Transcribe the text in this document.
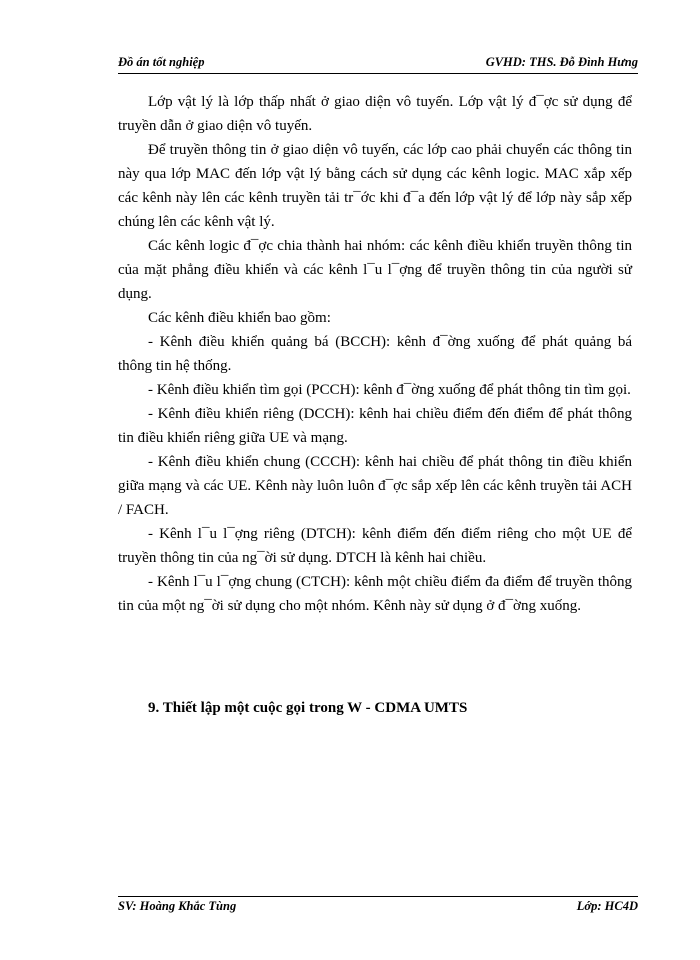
Đồ án tốt nghiệp	GVHD: THS. Đỗ Đình Hưng

Lớp vật lý là lớp thấp nhất ở giao diện vô tuyến. Lớp vật lý đ¯ợc sử dụng để truyền dẫn ở giao diện vô tuyến.

Để truyền thông tin ở giao diện vô tuyến, các lớp cao phải chuyển các thông tin này qua lớp MAC đến lớp vật lý bằng cách sử dụng các kênh logic. MAC xắp xếp các kênh này lên các kênh truyền tải tr¯ớc khi đ¯a đến lớp vật lý để lớp này sắp xếp chúng lên các kênh vật lý.

Các kênh logic đ¯ợc chia thành hai nhóm: các kênh điều khiển truyền thông tin của mặt phẳng điều khiển và các kênh l¯u l¯ợng để truyền thông tin của người sử dụng.

Các kênh điều khiển bao gồm:

- Kênh điều khiển quảng bá (BCCH): kênh đ¯ờng xuống để phát quảng bá thông tin hệ thống.

- Kênh điều khiển tìm gọi (PCCH): kênh đ¯ờng xuống để phát thông tin tìm gọi.

- Kênh điều khiển riêng (DCCH): kênh hai chiều điểm đến điểm để phát thông tin điều khiển riêng giữa UE và mạng.

- Kênh điều khiển chung (CCCH): kênh hai chiều để phát thông tin điều khiển giữa mạng và các UE. Kênh này luôn luôn đ¯ợc sắp xếp lên các kênh truyền tải ACH / FACH.

- Kênh l¯u l¯ợng riêng (DTCH): kênh điểm đến điểm riêng cho một UE để truyền thông tin của ng¯ời sử dụng. DTCH là kênh hai chiều.

- Kênh l¯u l¯ợng chung (CTCH): kênh một chiều điểm đa điểm để truyền thông tin của một ng¯ời sử dụng cho một nhóm. Kênh này sử dụng ở đ¯ờng xuống.

9. Thiết lập một cuộc gọi trong W - CDMA UMTS
SV: Hoàng Khắc Tùng	Lớp: HC4D
